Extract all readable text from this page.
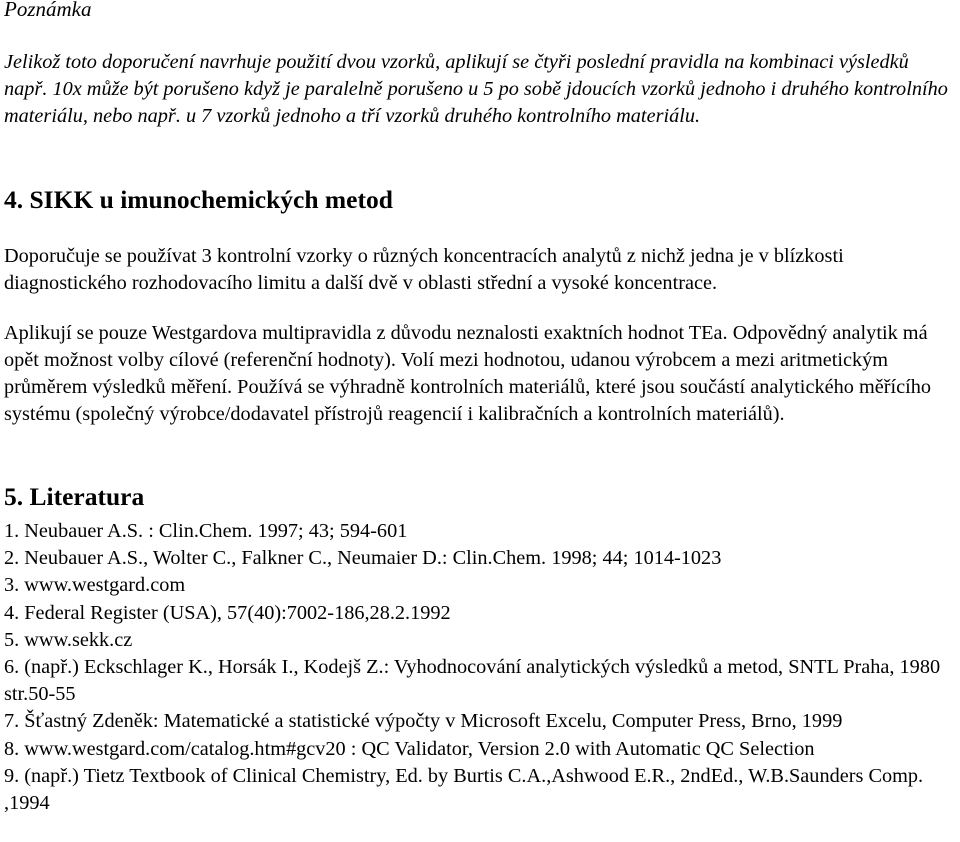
Poznámka

Jelikož toto doporučení navrhuje použití dvou vzorků, aplikují se čtyři poslední pravidla na kombinaci výsledků např. 10x může být porušeno když je paralelně porušeno u 5 po sobě jdoucích vzorků jednoho i druhého kontrolního materiálu, nebo např. u 7 vzorků jednoho a tří vzorků druhého kontrolního materiálu.

4. SIKK u imunochemických metod

Doporučuje se používat 3 kontrolní vzorky o různých koncentracích analytů z nichž jedna je v blízkosti diagnostického rozhodovacího limitu a další dvě v oblasti střední a vysoké koncentrace.

Aplikují se pouze Westgardova multipravidla z důvodu neznalosti exaktních hodnot TEa. Odpovědný analytik má opět možnost volby cílové (referenční hodnoty). Volí mezi hodnotou, udanou výrobcem a mezi aritmetickým průměrem výsledků měření. Používá se výhradně kontrolních materiálů, které jsou součástí analytického měřícího systému (společný výrobce/dodavatel přístrojů reagencií i kalibračních a kontrolních materiálů).

5. Literatura
1. Neubauer A.S. : Clin.Chem. 1997; 43; 594-601
2. Neubauer A.S., Wolter C., Falkner C., Neumaier D.: Clin.Chem. 1998; 44; 1014-1023
3. www.westgard.com
4. Federal Register (USA), 57(40):7002-186,28.2.1992
5. www.sekk.cz
6. (např.) Eckschlager K., Horsák I., Kodejš Z.: Vyhodnocování analytických výsledků a metod, SNTL Praha, 1980 str.50-55
7. Šťastný Zdeněk: Matematické a statistické výpočty v Microsoft Excelu, Computer Press, Brno, 1999
8. www.westgard.com/catalog.htm#gcv20 : QC Validator, Version 2.0 with Automatic QC Selection
9. (např.) Tietz Textbook of Clinical Chemistry, Ed. by Burtis C.A.,Ashwood E.R., 2ndEd., W.B.Saunders Comp. ,1994
